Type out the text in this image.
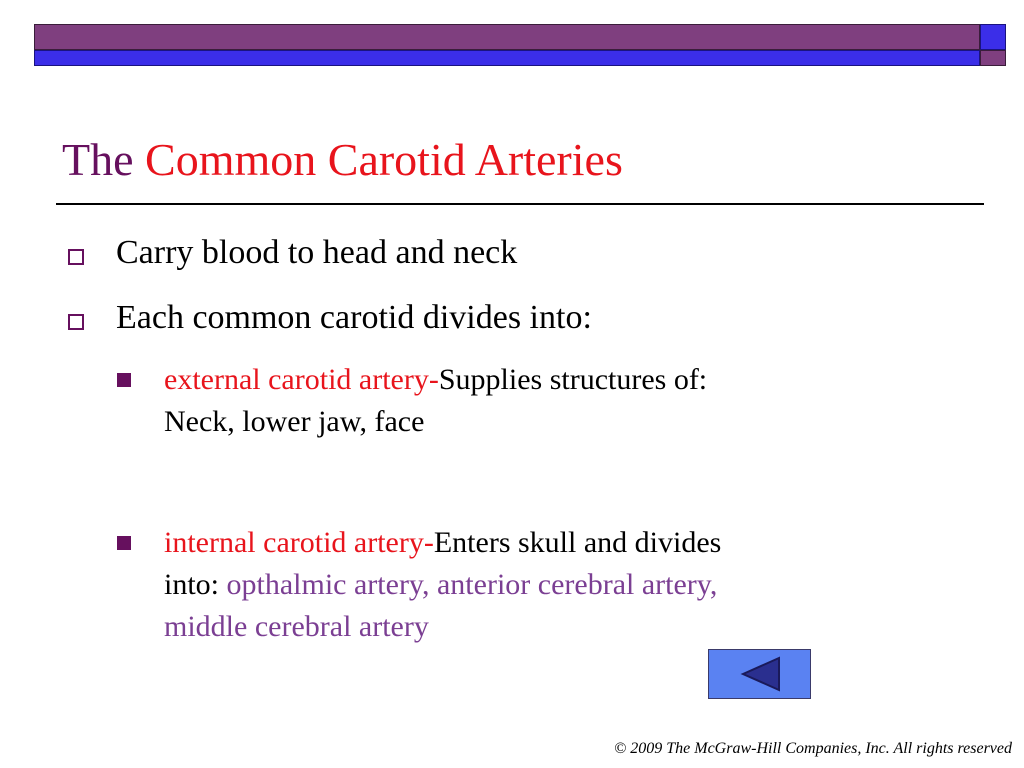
The Common Carotid Arteries

Carry blood to head and neck

Each common carotid divides into:

external carotid artery-Supplies structures of:
Neck, lower jaw, face

internal carotid artery-Enters skull and divides
into: opthalmic artery, anterior cerebral artery,
middle cerebral artery

© 2009 The McGraw-Hill Companies, Inc. All rights reserved
